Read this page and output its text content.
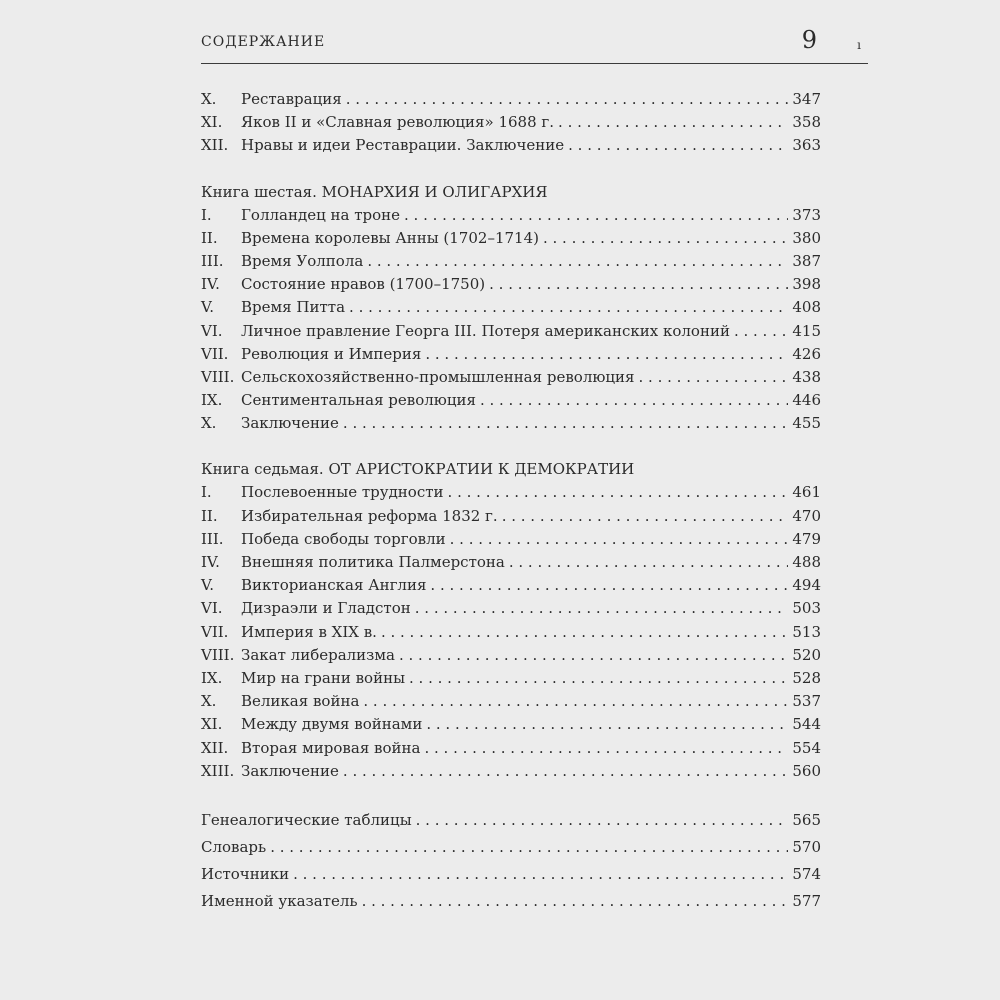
СОДЕРЖАНИЕ	9	ı
X.	Реставрация . . .	347
XI.	Яков II и «Славная революция» 1688 г. . . .	358
XII. Нравы и идеи Реставрации. Заключение . . .	363
Книга шестая. МОНАРХИЯ И ОЛИГАРХИЯ
I.	Голландец на троне . . .	373
II.	Времена королевы Анны (1702–1714) . . .	380
III.	Время Уолпола . . .	387
IV.	Состояние нравов (1700–1750) . . .	398
V.	Время Питта . . .	408
VI.	Личное правление Георга III. Потеря американских колоний . . .	415
VII. Революция и Империя . . .	426
VIII. Сельскохозяйственно-промышленная революция . . .	438
IX.	Сентиментальная революция . . .	446
X.	Заключение . . .	455
Книга седьмая. ОТ АРИСТОКРАТИИ К ДЕМОКРАТИИ
I.	Послевоенные трудности . . .	461
II.	Избирательная реформа 1832 г. . . .	470
III.	Победа свободы торговли . . .	479
IV.	Внешняя политика Палмерстона . . .	488
V.	Викторианская Англия . . .	494
VI.	Дизраэли и Гладстон . . .	503
VII. Империя в XIX в. . . .	513
VIII. Закат либерализма . . .	520
IX.	Мир на грани войны . . .	528
X.	Великая война . . .	537
XI.	Между двумя войнами . . .	544
XII. Вторая мировая война . . .	554
XIII. Заключение . . .	560
Генеалогические таблицы . . .	565
Словарь . . .	570
Источники . . .	574
Именной указатель . . .	577
